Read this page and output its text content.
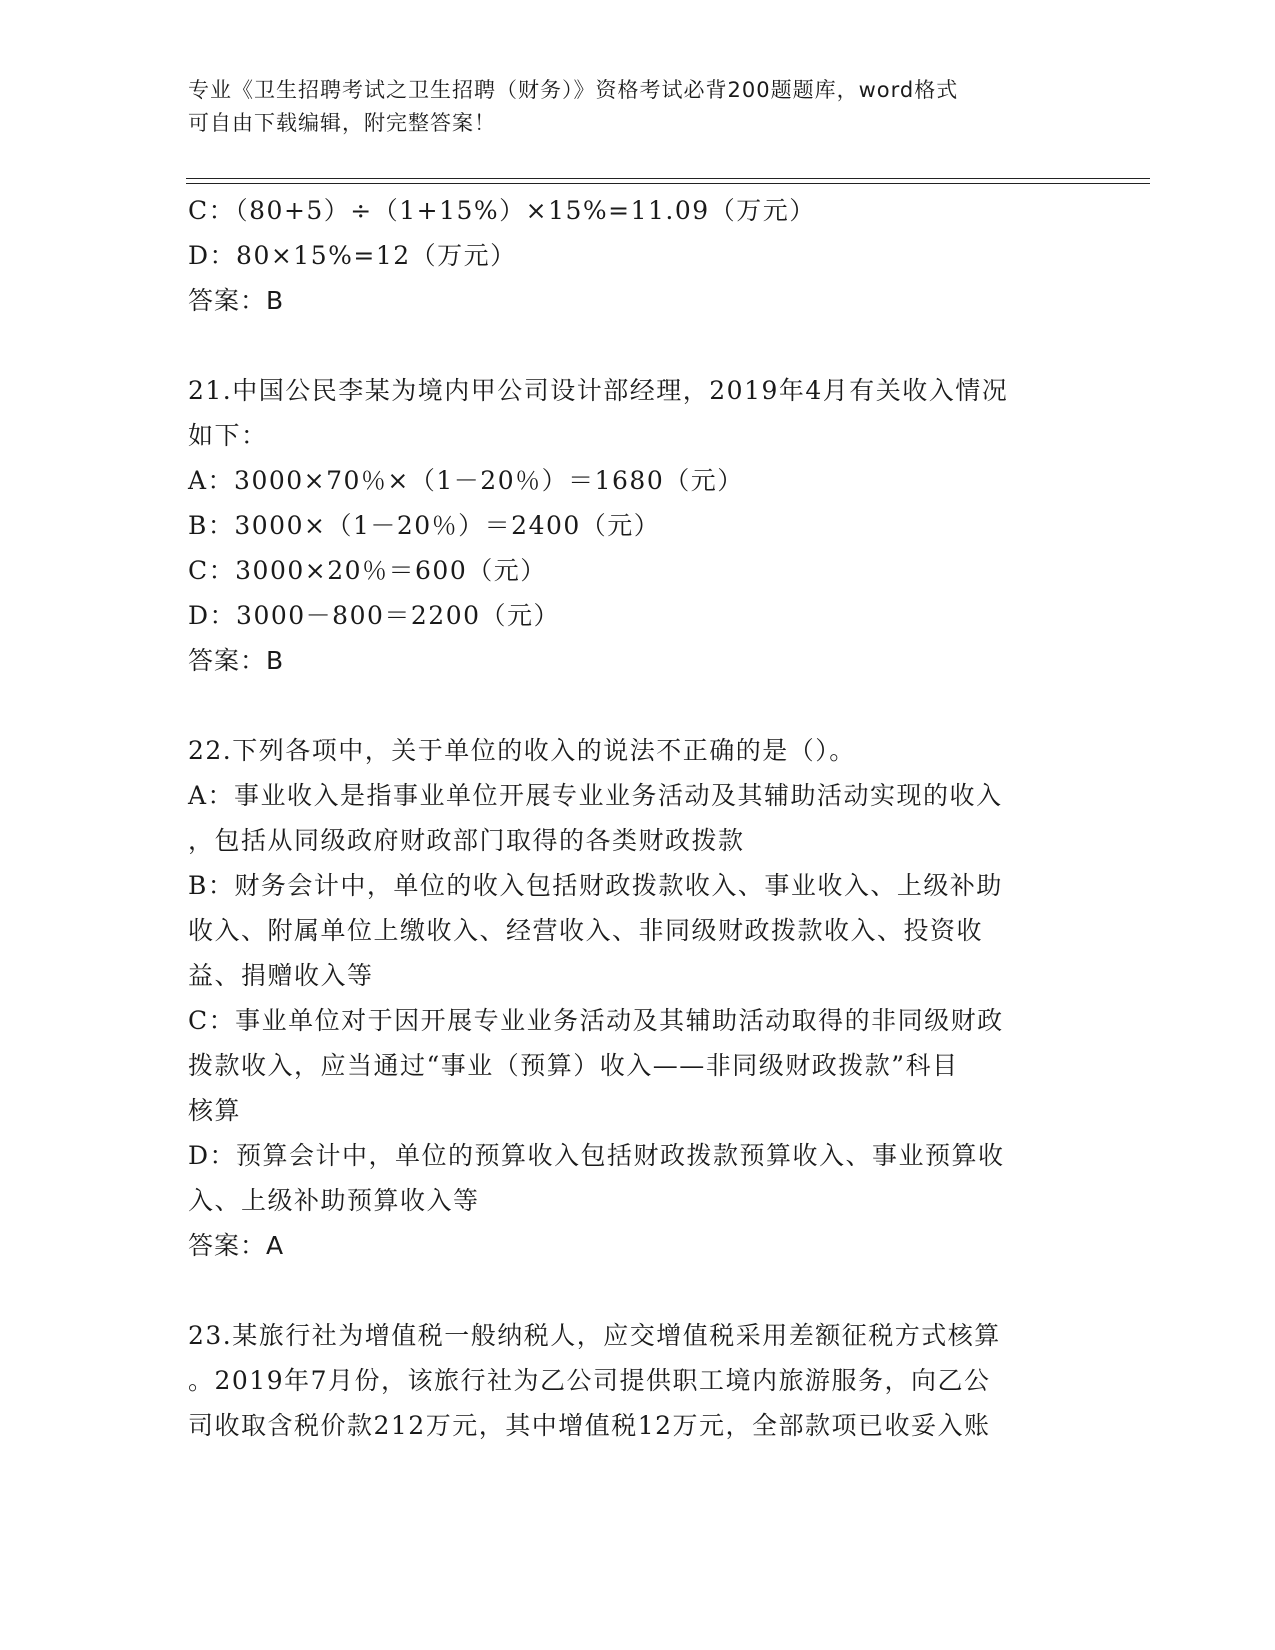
专业《卫生招聘考试之卫生招聘（财务）》资格考试必背200题题库，word格式
可自由下载编辑，附完整答案！
C：（80+5）÷（1+15%）×15%=11.09（万元）
D：80×15%=12（万元）
答案：B
21.中国公民李某为境内甲公司设计部经理，2019年4月有关收入情况
如下：
A：3000×70％×（1－20％）＝1680（元）
B：3000×（1－20％）＝2400（元）
C：3000×20％＝600（元）
D：3000－800＝2200（元）
答案：B
22.下列各项中，关于单位的收入的说法不正确的是（）。
A：事业收入是指事业单位开展专业业务活动及其辅助活动实现的收入
，包括从同级政府财政部门取得的各类财政拨款
B：财务会计中，单位的收入包括财政拨款收入、事业收入、上级补助
收入、附属单位上缴收入、经营收入、非同级财政拨款收入、投资收
益、捐赠收入等
C：事业单位对于因开展专业业务活动及其辅助活动取得的非同级财政
拨款收入，应当通过“事业（预算）收入——非同级财政拨款”科目
核算
D：预算会计中，单位的预算收入包括财政拨款预算收入、事业预算收
入、上级补助预算收入等
答案：A
23.某旅行社为增值税一般纳税人，应交增值税采用差额征税方式核算
。2019年7月份，该旅行社为乙公司提供职工境内旅游服务，向乙公
司收取含税价款212万元，其中增值税12万元，全部款项已收妥入账
